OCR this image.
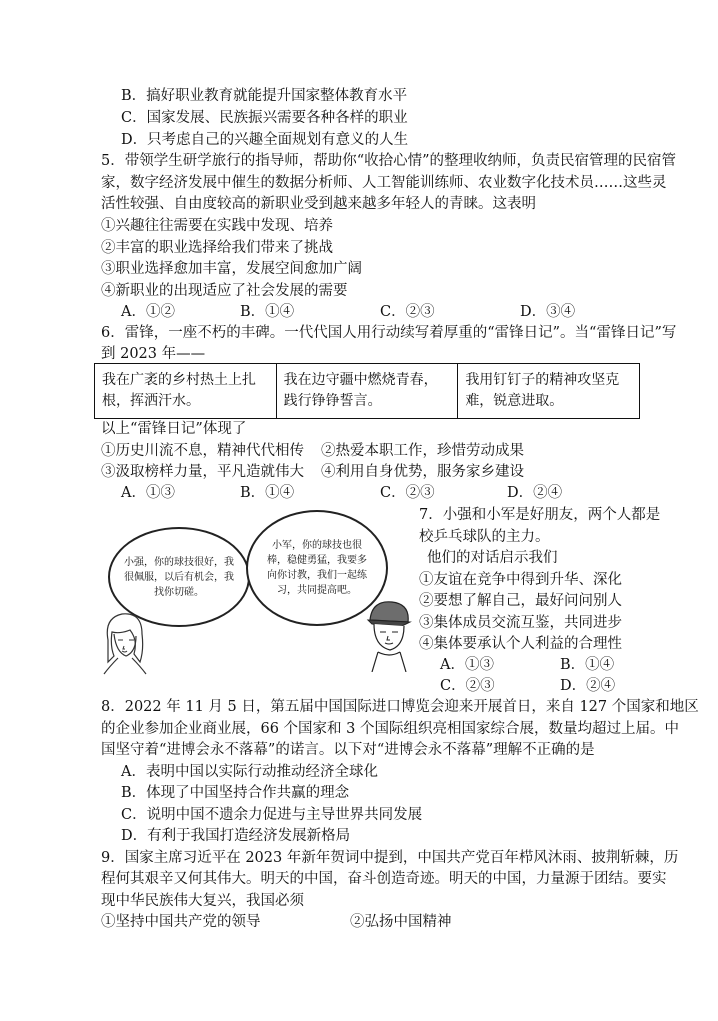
B．搞好职业教育就能提升国家整体教育水平
C．国家发展、民族振兴需要各种各样的职业
D．只考虑自己的兴趣全面规划有意义的人生
5．带领学生研学旅行的指导师，帮助你“收拾心情”的整理收纳师，负责民宿管理的民宿管
家，数字经济发展中催生的数据分析师、人工智能训练师、农业数字化技术员……这些灵
活性较强、自由度较高的新职业受到越来越多年轻人的青睐。这表明
①兴趣往往需要在实践中发现、培养
②丰富的职业选择给我们带来了挑战
③职业选择愈加丰富，发展空间愈加广阔
④新职业的出现适应了社会发展的需要
A．①②	B．①④	C．②③	D．③④
6．雷锋，一座不朽的丰碑。一代代国人用行动续写着厚重的“雷锋日记”。当“雷锋日记”写
到 2023 年——
我在广袤的乡村热土上扎根，挥洒汗水。	我在边守疆中燃烧青春，践行铮铮誓言。	我用钉钉子的精神攻坚克难，锐意进取。
以上“雷锋日记”体现了
①历史川流不息，精神代代相传 ②热爱本职工作，珍惜劳动成果
③汲取榜样力量，平凡造就伟大 ④利用自身优势，服务家乡建设
A．①③	B．①④	C．②③	D．②④
小强，你的球技很好，我很佩服，以后有机会，我找你切磋。
小军，你的球技也很棒，稳健勇猛，我要多向你讨教，我们一起练习，共同提高吧。
7．小强和小军是好朋友，两个人都是
校乒乓球队的主力。
他们的对话启示我们
①友谊在竞争中得到升华、深化
②要想了解自己，最好问问别人
③集体成员交流互鉴，共同进步
④集体要承认个人利益的合理性
A．①③	B．①④
C．②③	D．②④
8．2022 年 11 月 5 日，第五届中国国际进口博览会迎来开展首日，来自 127 个国家和地区
的企业参加企业商业展，66 个国家和 3 个国际组织亮相国家综合展，数量均超过上届。中
国坚守着“进博会永不落幕”的诺言。以下对“进博会永不落幕”理解不正确的是
A．表明中国以实际行动推动经济全球化
B．体现了中国坚持合作共赢的理念
C．说明中国不遗余力促进与主导世界共同发展
D．有利于我国打造经济发展新格局
9．国家主席习近平在 2023 年新年贺词中提到，中国共产党百年栉风沐雨、披荆斩棘，历
程何其艰辛又何其伟大。明天的中国，奋斗创造奇迹。明天的中国，力量源于团结。要实
现中华民族伟大复兴，我国必须
①坚持中国共产党的领导	②弘扬中国精神
